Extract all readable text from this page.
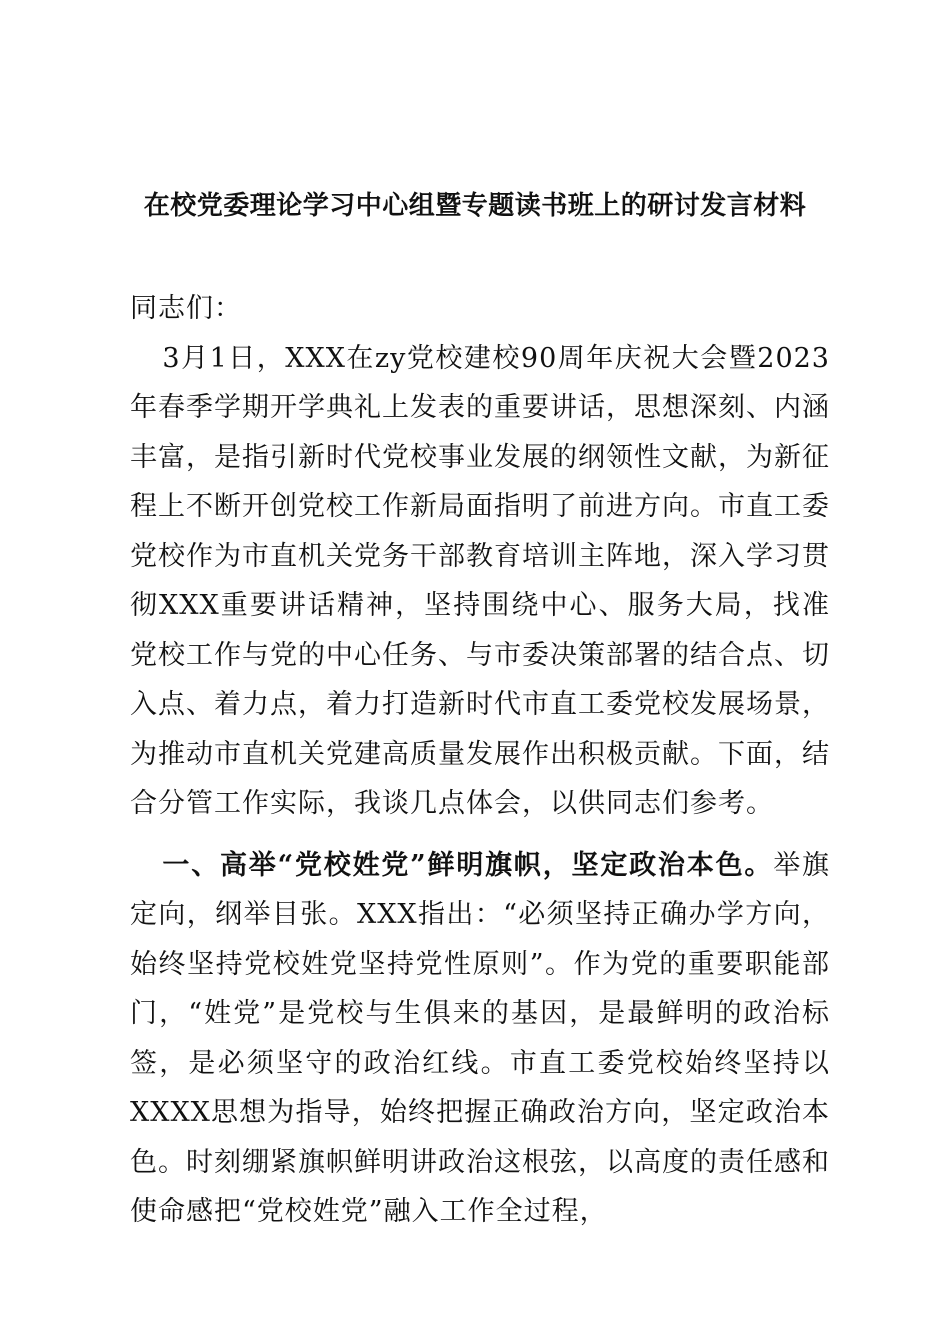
在校党委理论学习中心组暨专题读书班上的研讨发言材料

同志们：

3月1日，XXX在zy党校建校90周年庆祝大会暨2023年春季学期开学典礼上发表的重要讲话，思想深刻、内涵丰富，是指引新时代党校事业发展的纲领性文献，为新征程上不断开创党校工作新局面指明了前进方向。市直工委党校作为市直机关党务干部教育培训主阵地，深入学习贯彻XXX重要讲话精神，坚持围绕中心、服务大局，找准党校工作与党的中心任务、与市委决策部署的结合点、切入点、着力点，着力打造新时代市直工委党校发展场景，为推动市直机关党建高质量发展作出积极贡献。下面，结合分管工作实际，我谈几点体会，以供同志们参考。

一、高举“党校姓党”鲜明旗帜，坚定政治本色。举旗定向，纲举目张。XXX指出：“必须坚持正确办学方向，始终坚持党校姓党坚持党性原则”。作为党的重要职能部门，“姓党”是党校与生俱来的基因，是最鲜明的政治标签，是必须坚守的政治红线。市直工委党校始终坚持以XXXX思想为指导，始终把握正确政治方向，坚定政治本色。时刻绷紧旗帜鲜明讲政治这根弦，以高度的责任感和使命感把“党校姓党”融入工作全过程，
